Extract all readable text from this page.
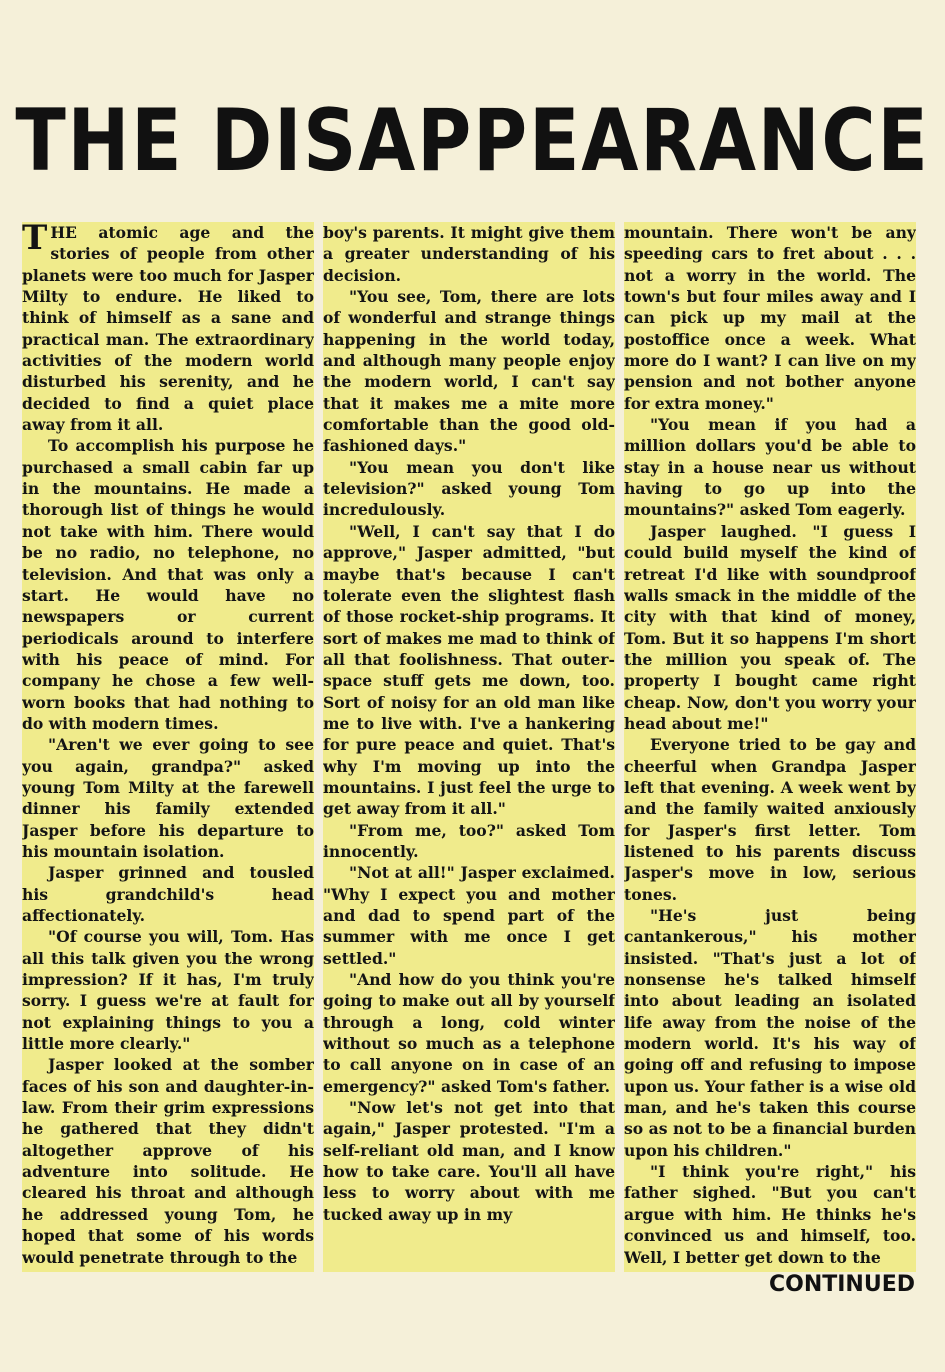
THE DISAPPEARANCE

THE atomic age and the stories of people from other planets were too much for Jasper Milty to endure. He liked to think of himself as a sane and practical man. The extraordinary activities of the modern world disturbed his serenity, and he decided to find a quiet place away from it all.

To accomplish his purpose he purchased a small cabin far up in the mountains. He made a thorough list of things he would not take with him. There would be no radio, no telephone, no television. And that was only a start. He would have no newspapers or current periodicals around to interfere with his peace of mind. For company he chose a few well-worn books that had nothing to do with modern times.

"Aren't we ever going to see you again, grandpa?" asked young Tom Milty at the farewell dinner his family extended Jasper before his departure to his mountain isolation.

Jasper grinned and tousled his grandchild's head affectionately.

"Of course you will, Tom. Has all this talk given you the wrong impression? If it has, I'm truly sorry. I guess we're at fault for not explaining things to you a little more clearly."

Jasper looked at the somber faces of his son and daughter-in-law. From their grim expressions he gathered that they didn't altogether approve of his adventure into solitude. He cleared his throat and although he addressed young Tom, he hoped that some of his words would penetrate through to the

boy's parents. It might give them a greater understanding of his decision.

"You see, Tom, there are lots of wonderful and strange things happening in the world today, and although many people enjoy the modern world, I can't say that it makes me a mite more comfortable than the good old-fashioned days."

"You mean you don't like television?" asked young Tom incredulously.

"Well, I can't say that I do approve," Jasper admitted, "but maybe that's because I can't tolerate even the slightest flash of those rocket-ship programs. It sort of makes me mad to think of all that foolishness. That outer-space stuff gets me down, too. Sort of noisy for an old man like me to live with. I've a hankering for pure peace and quiet. That's why I'm moving up into the mountains. I just feel the urge to get away from it all."

"From me, too?" asked Tom innocently.

"Not at all!" Jasper exclaimed. "Why I expect you and mother and dad to spend part of the summer with me once I get settled."

"And how do you think you're going to make out all by yourself through a long, cold winter without so much as a telephone to call anyone on in case of an emergency?" asked Tom's father.

"Now let's not get into that again," Jasper protested. "I'm a self-reliant old man, and I know how to take care. You'll all have less to worry about with me tucked away up in my

mountain. There won't be any speeding cars to fret about . . . not a worry in the world. The town's but four miles away and I can pick up my mail at the postoffice once a week. What more do I want? I can live on my pension and not bother anyone for extra money."

"You mean if you had a million dollars you'd be able to stay in a house near us without having to go up into the mountains?" asked Tom eagerly.

Jasper laughed. "I guess I could build myself the kind of retreat I'd like with soundproof walls smack in the middle of the city with that kind of money, Tom. But it so happens I'm short the million you speak of. The property I bought came right cheap. Now, don't you worry your head about me!"

Everyone tried to be gay and cheerful when Grandpa Jasper left that evening. A week went by and the family waited anxiously for Jasper's first letter. Tom listened to his parents discuss Jasper's move in low, serious tones.

"He's just being cantankerous," his mother insisted. "That's just a lot of nonsense he's talked himself into about leading an isolated life away from the noise of the modern world. It's his way of going off and refusing to impose upon us. Your father is a wise old man, and he's taken this course so as not to be a financial burden upon his children."

"I think you're right," his father sighed. "But you can't argue with him. He thinks he's convinced us and himself, too. Well, I better get down to the

CONTINUED
